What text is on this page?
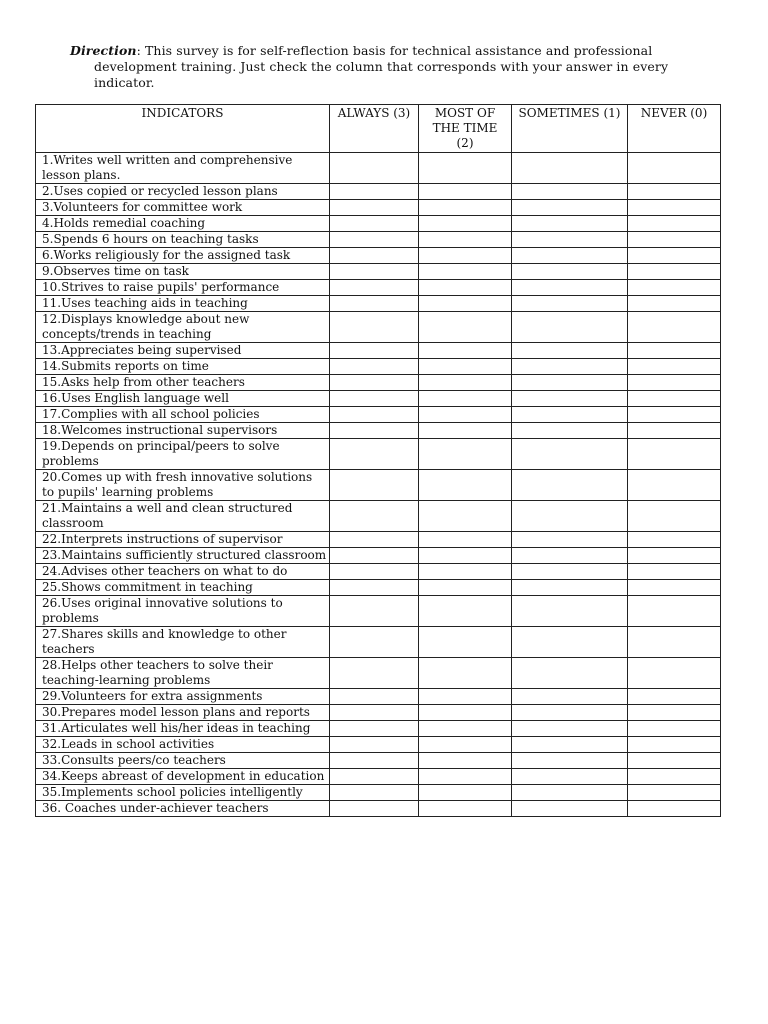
Direction: This survey is for self-reflection basis for technical assistance and professional
development training. Just check the column that corresponds with your answer in every indicator.
INDICATORS	ALWAYS (3)	MOST OF THE TIME (2)	SOMETIMES (1)	NEVER (0)
1.Writes well written and comprehensive lesson plans.				
2.Uses copied or recycled lesson plans				
3.Volunteers for committee work				
4.Holds remedial coaching				
5.Spends 6 hours on teaching tasks				
6.Works religiously for the assigned task				
9.Observes time on task				
10.Strives to raise pupils' performance				
11.Uses teaching aids in teaching				
12.Displays knowledge about new concepts/trends in teaching				
13.Appreciates being supervised				
14.Submits reports on time				
15.Asks help from other teachers				
16.Uses English language well				
17.Complies with all school policies				
18.Welcomes instructional supervisors				
19.Depends on principal/peers to solve problems				
20.Comes up with fresh innovative solutions to pupils' learning problems				
21.Maintains a well and clean structured classroom				
22.Interprets instructions of supervisor				
23.Maintains sufficiently structured classroom				
24.Advises other teachers on what to do				
25.Shows commitment in teaching				
26.Uses original innovative solutions to problems				
27.Shares skills and knowledge to other teachers				
28.Helps other teachers to solve their teaching-learning problems				
29.Volunteers for extra assignments				
30.Prepares model lesson plans and reports				
31.Articulates well his/her ideas in teaching				
32.Leads in school activities				
33.Consults peers/co teachers				
34.Keeps abreast of development in education				
35.Implements school policies intelligently				
36. Coaches under-achiever teachers				
